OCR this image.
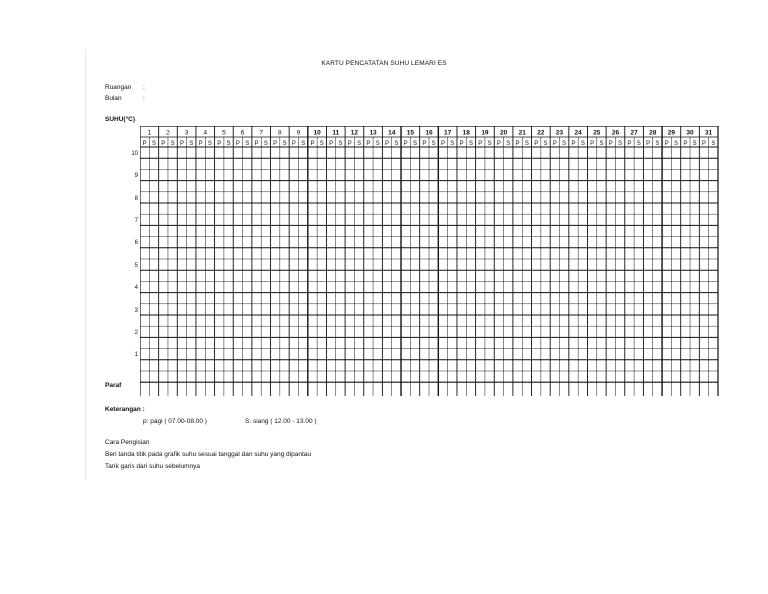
KARTU PENCATATAN SUHU LEMARI ES
Ruangan :
Bulan	:
SUHU(°C)
10
9
8
7
6
5
4
3
2
1
1
P S
2
P S
3
P S
4
P S
5
P S
6
P S
7
P S
8
P S
9
P S
10
P S
11
P S
12
P S
13
P S
14
P S
15
P S
16
P S
17
P S
18
P S
19
P S
20
P S
21
P S
22
P S
23
P S
24
P S
25
P S
26
P S
27
P S
28
P S
29
P S
30
P S
31
P S
Paraf
Keterangan :
p: pagi ( 07.00-08.00 )	S: siang ( 12.00 - 13.00 )
Cara Pengisian
Beri tanda titik pada grafik suhu sesuai tanggal dan suhu yang dipantau
Tarik garis dari suhu sebelumnya
